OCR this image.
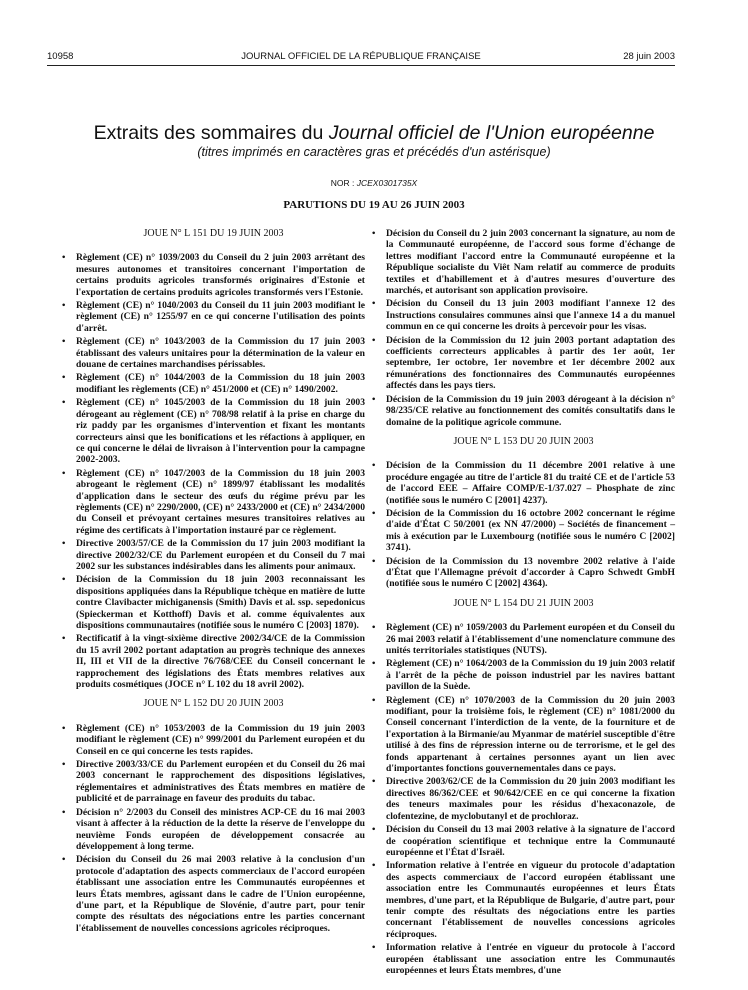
10958	JOURNAL OFFICIEL DE LA RÉPUBLIQUE FRANÇAISE	28 juin 2003
Extraits des sommaires du Journal officiel de l'Union européenne
(titres imprimés en caractères gras et précédés d'un astérisque)
NOR : JCEX0301735X
PARUTIONS DU 19 AU 26 JUIN 2003
JOUE N° L 151 DU 19 JUIN 2003
• Règlement (CE) n° 1039/2003 du Conseil du 2 juin 2003 arrêtant des mesures autonomes et transitoires concernant l'importation de certains produits agricoles transformés originaires d'Estonie et l'exportation de certains produits agricoles transformés vers l'Estonie.
• Règlement (CE) n° 1040/2003 du Conseil du 11 juin 2003 modifiant le règlement (CE) n° 1255/97 en ce qui concerne l'utilisation des points d'arrêt.
• Règlement (CE) n° 1043/2003 de la Commission du 17 juin 2003 établissant des valeurs unitaires pour la détermination de la valeur en douane de certaines marchandises périssables.
• Règlement (CE) n° 1044/2003 de la Commission du 18 juin 2003 modifiant les règlements (CE) n° 451/2000 et (CE) n° 1490/2002.
• Règlement (CE) n° 1045/2003 de la Commission du 18 juin 2003 dérogeant au règlement (CE) n° 708/98 relatif à la prise en charge du riz paddy par les organismes d'intervention et fixant les montants correcteurs ainsi que les bonifications et les réfactions à appliquer, en ce qui concerne le délai de livraison à l'intervention pour la campagne 2002-2003.
• Règlement (CE) n° 1047/2003 de la Commission du 18 juin 2003 abrogeant le règlement (CE) n° 1899/97 établissant les modalités d'application dans le secteur des œufs du régime prévu par les règlements (CE) n° 2290/2000, (CE) n° 2433/2000 et (CE) n° 2434/2000 du Conseil et prévoyant certaines mesures transitoires relatives au régime des certificats à l'importation instauré par ce règlement.
• Directive 2003/57/CE de la Commission du 17 juin 2003 modifiant la directive 2002/32/CE du Parlement européen et du Conseil du 7 mai 2002 sur les substances indésirables dans les aliments pour animaux.
• Décision de la Commission du 18 juin 2003 reconnaissant les dispositions appliquées dans la République tchèque en matière de lutte contre Clavibacter michiganensis (Smith) Davis et al. ssp. sepedonicus (Spieckerman et Kotthoff) Davis et al. comme équivalentes aux dispositions communautaires (notifiée sous le numéro C [2003] 1870).
• Rectificatif à la vingt-sixième directive 2002/34/CE de la Commission du 15 avril 2002 portant adaptation au progrès technique des annexes II, III et VII de la directive 76/768/CEE du Conseil concernant le rapprochement des législations des États membres relatives aux produits cosmétiques (JOCE n° L 102 du 18 avril 2002).
JOUE N° L 152 DU 20 JUIN 2003
• Règlement (CE) n° 1053/2003 de la Commission du 19 juin 2003 modifiant le règlement (CE) n° 999/2001 du Parlement européen et du Conseil en ce qui concerne les tests rapides.
• Directive 2003/33/CE du Parlement européen et du Conseil du 26 mai 2003 concernant le rapprochement des dispositions législatives, réglementaires et administratives des États membres en matière de publicité et de parrainage en faveur des produits du tabac.
• Décision n° 2/2003 du Conseil des ministres ACP-CE du 16 mai 2003 visant à affecter à la réduction de la dette la réserve de l'enveloppe du neuvième Fonds européen de développement consacrée au développement à long terme.
• Décision du Conseil du 26 mai 2003 relative à la conclusion d'un protocole d'adaptation des aspects commerciaux de l'accord européen établissant une association entre les Communautés européennes et leurs États membres, agissant dans le cadre de l'Union européenne, d'une part, et la République de Slovénie, d'autre part, pour tenir compte des résultats des négociations entre les parties concernant l'établissement de nouvelles concessions agricoles réciproques.
• Décision du Conseil du 2 juin 2003 concernant la signature, au nom de la Communauté européenne, de l'accord sous forme d'échange de lettres modifiant l'accord entre la Communauté européenne et la République socialiste du Viêt Nam relatif au commerce de produits textiles et d'habillement et à d'autres mesures d'ouverture des marchés, et autorisant son application provisoire.
• Décision du Conseil du 13 juin 2003 modifiant l'annexe 12 des Instructions consulaires communes ainsi que l'annexe 14 a du manuel commun en ce qui concerne les droits à percevoir pour les visas.
• Décision de la Commission du 12 juin 2003 portant adaptation des coefficients correcteurs applicables à partir des 1er août, 1er septembre, 1er octobre, 1er novembre et 1er décembre 2002 aux rémunérations des fonctionnaires des Communautés européennes affectés dans les pays tiers.
• Décision de la Commission du 19 juin 2003 dérogeant à la décision n° 98/235/CE relative au fonctionnement des comités consultatifs dans le domaine de la politique agricole commune.
JOUE N° L 153 DU 20 JUIN 2003
• Décision de la Commission du 11 décembre 2001 relative à une procédure engagée au titre de l'article 81 du traité CE et de l'article 53 de l'accord EEE – Affaire COMP/E-1/37.027 – Phosphate de zinc (notifiée sous le numéro C [2001] 4237).
• Décision de la Commission du 16 octobre 2002 concernant le régime d'aide d'État C 50/2001 (ex NN 47/2000) – Sociétés de financement – mis à exécution par le Luxembourg (notifiée sous le numéro C [2002] 3741).
• Décision de la Commission du 13 novembre 2002 relative à l'aide d'État que l'Allemagne prévoit d'accorder à Capro Schwedt GmbH (notifiée sous le numéro C [2002] 4364).
JOUE N° L 154 DU 21 JUIN 2003
• Règlement (CE) n° 1059/2003 du Parlement européen et du Conseil du 26 mai 2003 relatif à l'établissement d'une nomenclature commune des unités territoriales statistiques (NUTS).
• Règlement (CE) n° 1064/2003 de la Commission du 19 juin 2003 relatif à l'arrêt de la pêche de poisson industriel par les navires battant pavillon de la Suède.
• Règlement (CE) n° 1070/2003 de la Commission du 20 juin 2003 modifiant, pour la troisième fois, le règlement (CE) n° 1081/2000 du Conseil concernant l'interdiction de la vente, de la fourniture et de l'exportation à la Birmanie/au Myanmar de matériel susceptible d'être utilisé à des fins de répression interne ou de terrorisme, et le gel des fonds appartenant à certaines personnes ayant un lien avec d'importantes fonctions gouvernementales dans ce pays.
• Directive 2003/62/CE de la Commission du 20 juin 2003 modifiant les directives 86/362/CEE et 90/642/CEE en ce qui concerne la fixation des teneurs maximales pour les résidus d'hexaconazole, de clofentezine, de myclobutanyl et de prochloraz.
• Décision du Conseil du 13 mai 2003 relative à la signature de l'accord de coopération scientifique et technique entre la Communauté européenne et l'État d'Israël.
• Information relative à l'entrée en vigueur du protocole d'adaptation des aspects commerciaux de l'accord européen établissant une association entre les Communautés européennes et leurs États membres, d'une part, et la République de Bulgarie, d'autre part, pour tenir compte des résultats des négociations entre les parties concernant l'établissement de nouvelles concessions agricoles réciproques.
• Information relative à l'entrée en vigueur du protocole à l'accord européen établissant une association entre les Communautés européennes et leurs États membres, d'une
